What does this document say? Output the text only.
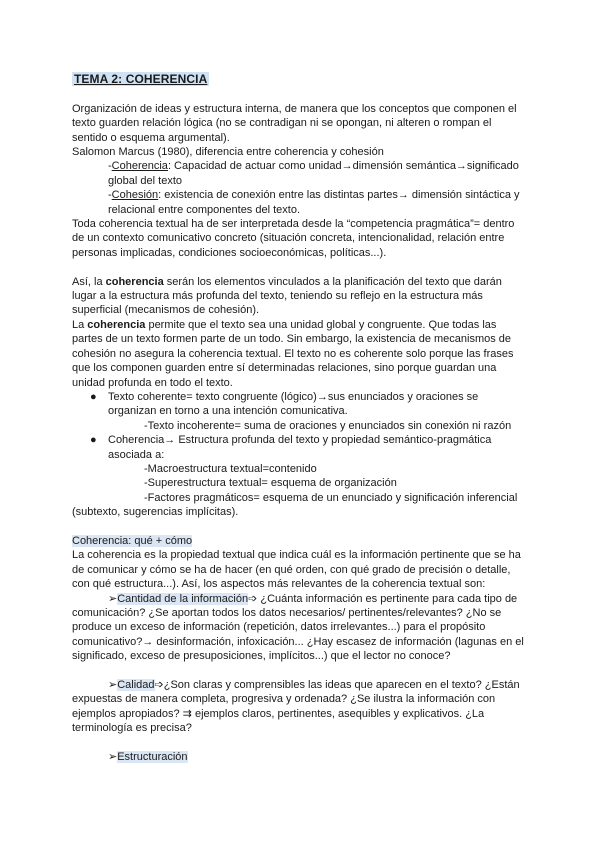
TEMA 2: COHERENCIA

Organización de ideas y estructura interna, de manera que los conceptos que componen el texto guarden relación lógica (no se contradigan ni se opongan, ni alteren o rompan el sentido o esquema argumental).

Salomon Marcus (1980), diferencia entre coherencia y cohesión

-Coherencia: Capacidad de actuar como unidad→dimensión semántica→significado global del texto

-Cohesión: existencia de conexión entre las distintas partes→ dimensión sintáctica y relacional entre componentes del texto.

Toda coherencia textual ha de ser interpretada desde la “competencia pragmática”= dentro de un contexto comunicativo concreto (situación concreta, intencionalidad, relación entre personas implicadas, condiciones socioeconómicas, políticas...).

Así, la coherencia serán los elementos vinculados a la planificación del texto que darán lugar a la estructura más profunda del texto, teniendo su reflejo en la estructura más superficial (mecanismos de cohesión).

La coherencia permite que el texto sea una unidad global y congruente. Que todas las partes de un texto formen parte de un todo. Sin embargo, la existencia de mecanismos de cohesión no asegura la coherencia textual. El texto no es coherente solo porque las frases que los componen guarden entre sí determinadas relaciones, sino porque guardan una unidad profunda en todo el texto.

● Texto coherente= texto congruente (lógico)→sus enunciados y oraciones se organizan en torno a una intención comunicativa.

-Texto incoherente= suma de oraciones y enunciados sin conexión ni razón

● Coherencia→ Estructura profunda del texto y propiedad semántico-pragmática asociada a:

-Macroestructura textual=contenido

-Superestructura textual= esquema de organización

-Factores pragmáticos= esquema de un enunciado y significación inferencial

(subtexto, sugerencias implícitas).

Coherencia: qué + cómo

La coherencia es la propiedad textual que indica cuál es la información pertinente que se ha de comunicar y cómo se ha de hacer (en qué orden, con qué grado de precisión o detalle, con qué estructura...). Así, los aspectos más relevantes de la coherencia textual son:

➢Cantidad de la información➩ ¿Cuánta información es pertinente para cada tipo de comunicación? ¿Se aportan todos los datos necesarios/ pertinentes/relevantes? ¿No se produce un exceso de información (repetición, datos irrelevantes...) para el propósito comunicativo?→ desinformación, infoxicación... ¿Hay escasez de información (lagunas en el significado, exceso de presuposiciones, implícitos...) que el lector no conoce?

➢Calidad➩¿Son claras y comprensibles las ideas que aparecen en el texto? ¿Están expuestas de manera completa, progresiva y ordenada? ¿Se ilustra la información con ejemplos apropiados? ⇉ ejemplos claros, pertinentes, asequibles y explicativos. ¿La terminología es precisa?

➢Estructuración
